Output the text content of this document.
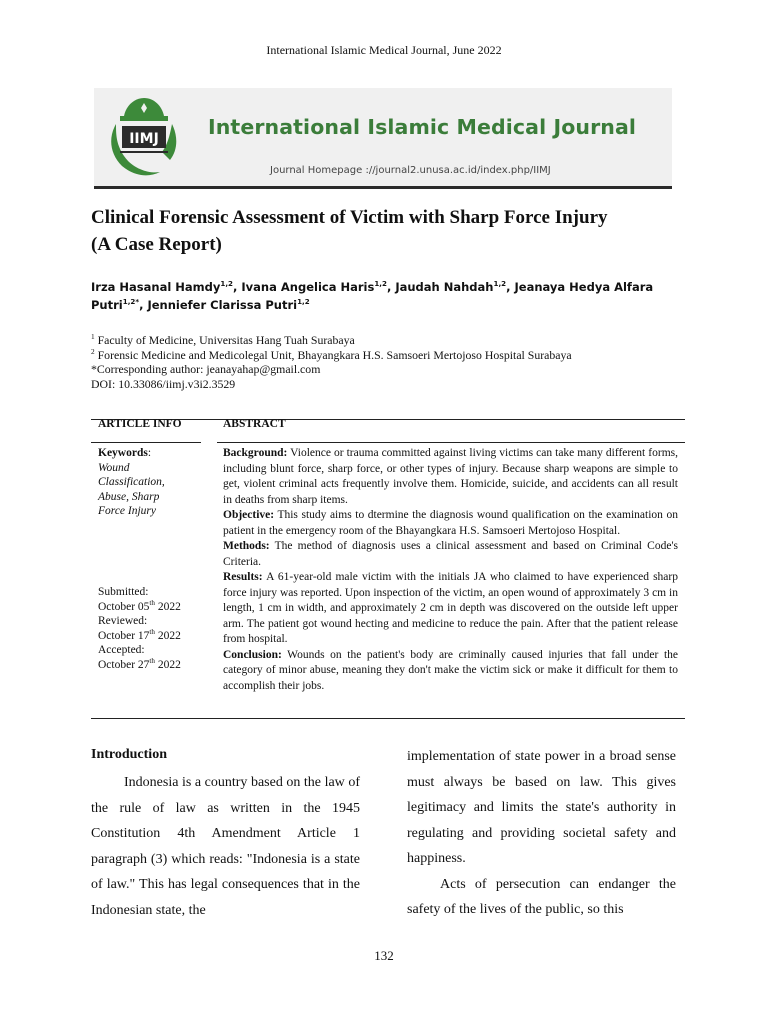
International Islamic Medical Journal, June 2022
IIMJ International Islamic Medical Journal
Journal Homepage ://journal2.unusa.ac.id/index.php/IIMJ
Clinical Forensic Assessment of Victim with Sharp Force Injury
(A Case Report)
Irza Hasanal Hamdy$^{1,2}$, Ivana Angelica Haris$^{1,2}$, Jaudah Nahdah$^{1,2}$, Jeanaya Hedya Alfara Putri$^{1,2*}$, Jenniefer Clarissa Putri$^{1,2}$
$^1$ Faculty of Medicine, Universitas Hang Tuah Surabaya
$^2$ Forensic Medicine and Medicolegal Unit, Bhayangkara H.S. Samsoeri Mertojoso Hospital Surabaya
*Corresponding author: jeanayahap@gmail.com
DOI: 10.33086/iimj.v3i2.3529
ARTICLE INFO	ABSTRACT
Keywords:
Wound
Classification,
Abuse, Sharp
Force Injury
Submitted:
October 05th 2022
Reviewed:
October 17th 2022
Accepted:
October 27th 2022

Background: Violence or trauma committed against living victims can take many different forms, including blunt force, sharp force, or other types of injury. Because sharp weapons are simple to get, violent criminal acts frequently involve them. Homicide, suicide, and accidents can all result in deaths from sharp items.

Objective: This study aims to dtermine the diagnosis wound qualification on the examination on patient in the emergency room of the Bhayangkara H.S. Samsoeri Mertojoso Hospital.

Methods: The method of diagnosis uses a clinical assessment and based on Criminal Code's Criteria.

Results: A 61-year-old male victim with the initials JA who claimed to have experienced sharp force injury was reported. Upon inspection of the victim, an open wound of approximately 3 cm in length, 1 cm in width, and approximately 2 cm in depth was discovered on the outside left upper arm. The patient got wound hecting and medicine to reduce the pain. After that the patient release from hospital.

Conclusion: Wounds on the patient's body are criminally caused injuries that fall under the category of minor abuse, meaning they don't make the victim sick or make it difficult for them to accomplish their jobs.

Introduction

Indonesia is a country based on the law of the rule of law as written in the 1945 Constitution 4th Amendment Article 1 paragraph (3) which reads: "Indonesia is a state of law." This has legal consequences that in the Indonesian state, the

implementation of state power in a broad sense must always be based on law. This gives legitimacy and limits the state's authority in regulating and providing societal safety and happiness.

Acts of persecution can endanger the safety of the lives of the public, so this

132
